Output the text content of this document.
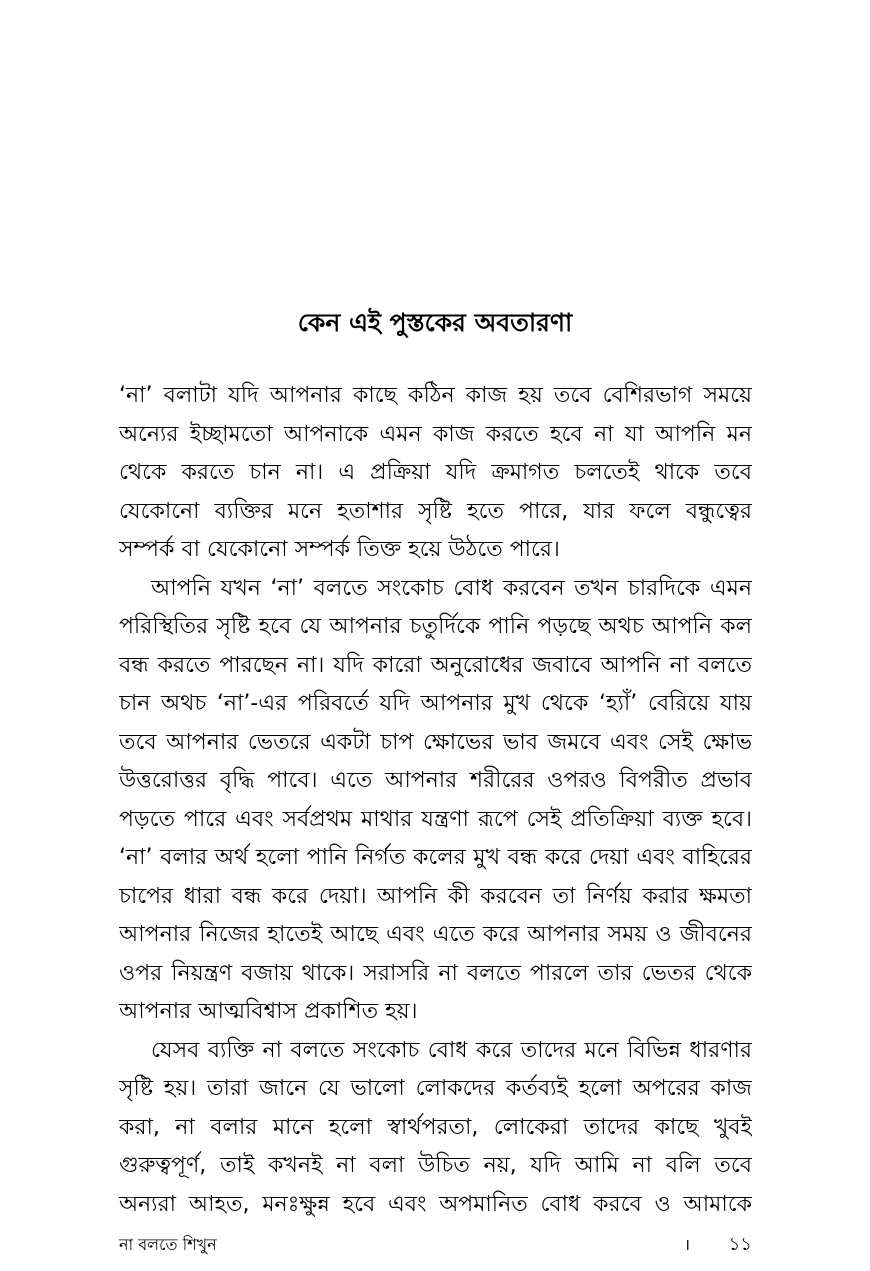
কেন এই পুস্তকের অবতারণা
‘না’ বলাটা যদি আপনার কাছে কঠিন কাজ হয় তবে বেশিরভাগ সময়ে
অন্যের ইচ্ছামতো আপনাকে এমন কাজ করতে হবে না যা আপনি মন
থেকে করতে চান না। এ প্রক্রিয়া যদি ক্রমাগত চলতেই থাকে তবে
যেকোনো ব্যক্তির মনে হতাশার সৃষ্টি হতে পারে, যার ফলে বন্ধুত্বের
সম্পর্ক বা যেকোনো সম্পর্ক তিক্ত হয়ে উঠতে পারে।
আপনি যখন ‘না’ বলতে সংকোচ বোধ করবেন তখন চারদিকে এমন
পরিস্থিতির সৃষ্টি হবে যে আপনার চতুর্দিকে পানি পড়ছে অথচ আপনি কল
বন্ধ করতে পারছেন না। যদি কারো অনুরোধের জবাবে আপনি না বলতে
চান অথচ ‘না’-এর পরিবর্তে যদি আপনার মুখ থেকে ‘হ্যাঁ’ বেরিয়ে যায়
তবে আপনার ভেতরে একটা চাপ ক্ষোভের ভাব জমবে এবং সেই ক্ষোভ
উত্তরোত্তর বৃদ্ধি পাবে। এতে আপনার শরীরের ওপরও বিপরীত প্রভাব
পড়তে পারে এবং সর্বপ্রথম মাথার যন্ত্রণা রূপে সেই প্রতিক্রিয়া ব্যক্ত হবে।
‘না’ বলার অর্থ হলো পানি নির্গত কলের মুখ বন্ধ করে দেয়া এবং বাহিরের
চাপের ধারা বন্ধ করে দেয়া। আপনি কী করবেন তা নির্ণয় করার ক্ষমতা
আপনার নিজের হাতেই আছে এবং এতে করে আপনার সময় ও জীবনের
ওপর নিয়ন্ত্রণ বজায় থাকে। সরাসরি না বলতে পারলে তার ভেতর থেকে
আপনার আত্মবিশ্বাস প্রকাশিত হয়।
যেসব ব্যক্তি না বলতে সংকোচ বোধ করে তাদের মনে বিভিন্ন ধারণার
সৃষ্টি হয়। তারা জানে যে ভালো লোকদের কর্তব্যই হলো অপরের কাজ
করা, না বলার মানে হলো স্বার্থপরতা, লোকেরা তাদের কাছে খুবই
গুরুত্বপূর্ণ, তাই কখনই না বলা উচিত নয়, যদি আমি না বলি তবে
অন্যরা আহত, মনঃক্ষুন্ন হবে এবং অপমানিত বোধ করবে ও আমাকে
না বলতে শিখুন	। ১১
